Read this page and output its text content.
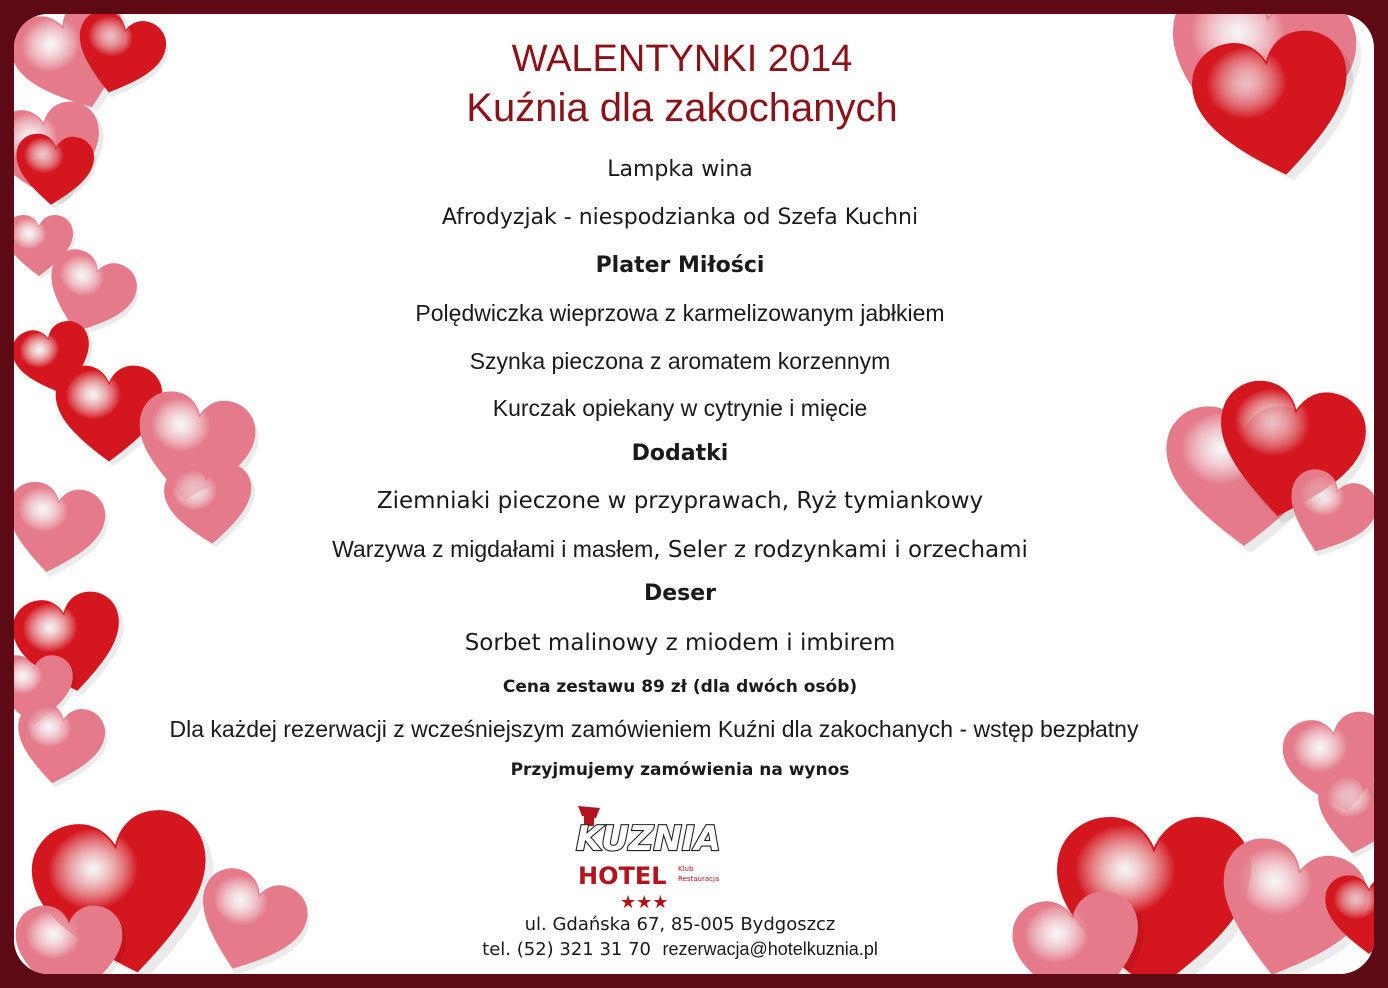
WALENTYNKI 2014
Kuźnia dla zakochanych
Lampka wina
Afrodyzjak - niespodzianka od Szefa Kuchni
Plater Miłości
Polędwiczka wieprzowa z karmelizowanym jabłkiem
Szynka pieczona z aromatem korzennym
Kurczak opiekany w cytrynie i mięcie
Dodatki
Ziemniaki pieczone w przyprawach, Ryż tymiankowy
Warzywa z migdałami i masłem, Seler z rodzynkami i orzechami
Deser
Sorbet malinowy z miodem i imbirem
Cena zestawu 89 zł (dla dwóch osób)
Dla każdej rezerwacji z wcześniejszym zamówieniem Kuźni dla zakochanych - wstęp bezpłatny
Przyjmujemy zamówienia na wynos
KUZNIA
HOTEL Klub
Restauracja
★★★
ul. Gdańska 67, 85-005 Bydgoszcz
tel. (52) 321 31 70 rezerwacja@hotelkuznia.pl
